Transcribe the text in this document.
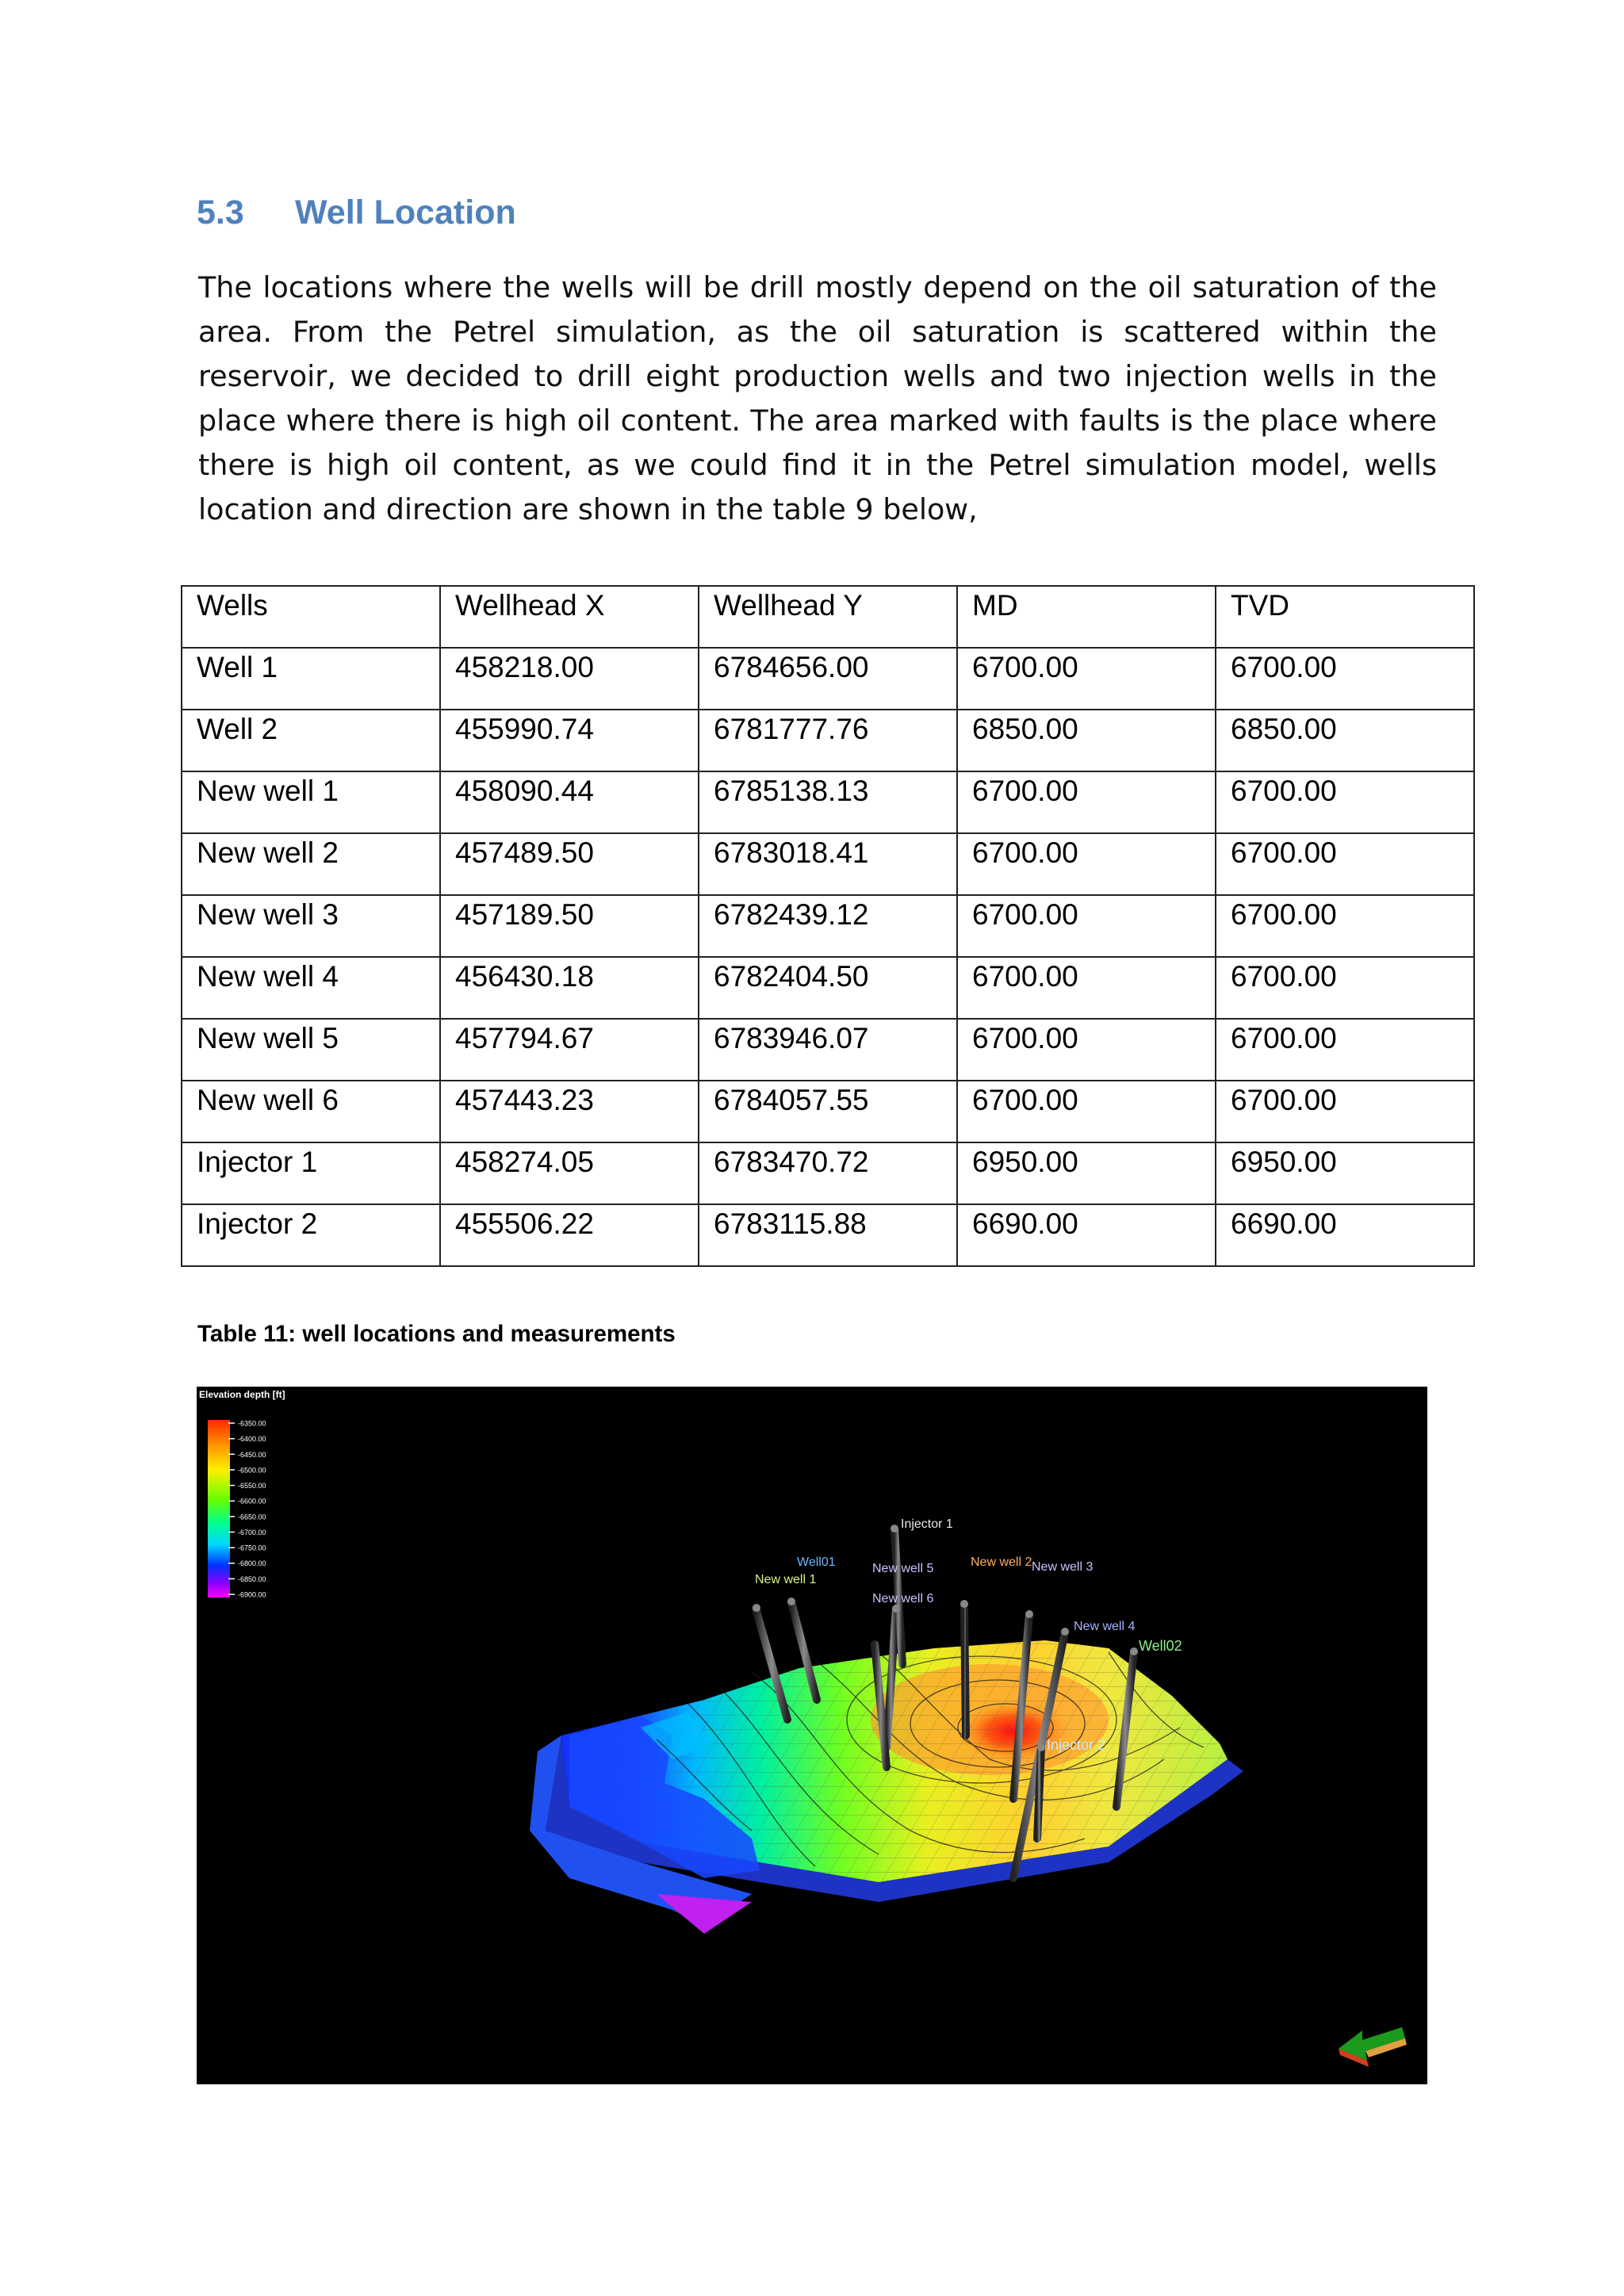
5.3 Well Location

The locations where the wells will be drill mostly depend on the oil saturation of the area. From the Petrel simulation, as the oil saturation is scattered within the reservoir, we decided to drill eight production wells and two injection wells in the place where there is high oil content. The area marked with faults is the place where there is high oil content, as we could find it in the Petrel simulation model, wells location and direction are shown in the table 9 below,

Wells	Wellhead X	Wellhead Y	MD	TVD
Well 1	458218.00	6784656.00	6700.00	6700.00
Well 2	455990.74	6781777.76	6850.00	6850.00
New well 1	458090.44	6785138.13	6700.00	6700.00
New well 2	457489.50	6783018.41	6700.00	6700.00
New well 3	457189.50	6782439.12	6700.00	6700.00
New well 4	456430.18	6782404.50	6700.00	6700.00
New well 5	457794.67	6783946.07	6700.00	6700.00
New well 6	457443.23	6784057.55	6700.00	6700.00
Injector 1	458274.05	6783470.72	6950.00	6950.00
Injector 2	455506.22	6783115.88	6690.00	6690.00

Table 11: well locations and measurements

Elevation depth [ft]
-6350.00
-6400.00
-6450.00
-6500.00
-6550.00
-6600.00
-6650.00
-6700.00
-6750.00
-6800.00
-6850.00
-6900.00
Injector 1
Well01
New well 1
New well 5
New well 6
New well 2 New well 3
New well 4
Well02
Injector 2
